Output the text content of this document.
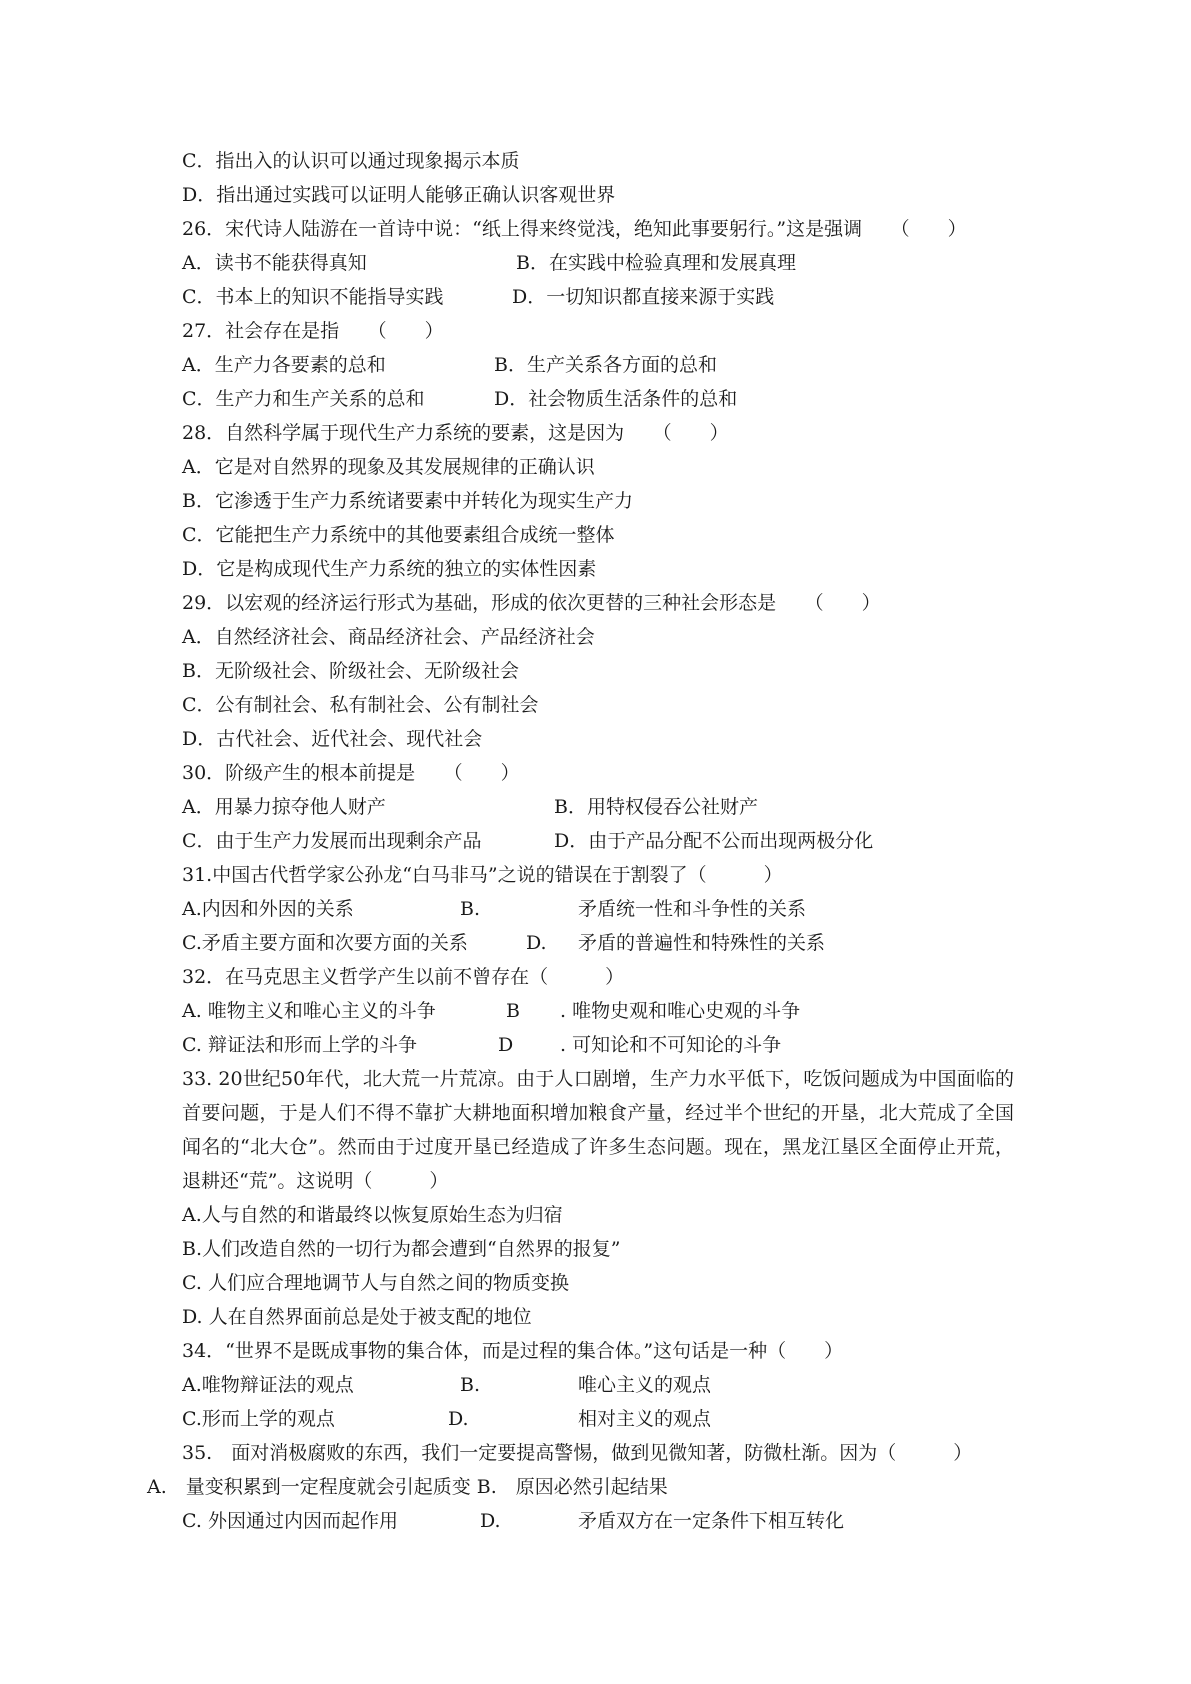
C．指出入的认识可以通过现象揭示本质
D．指出通过实践可以证明人能够正确认识客观世界
26．宋代诗人陆游在一首诗中说：“纸上得来终觉浅，绝知此事要躬行。”这是强调　　（　　）
A．读书不能获得真知	B．在实践中检验真理和发展真理
C．书本上的知识不能指导实践	D．一切知识都直接来源于实践
27．社会存在是指　　（　　）
A．生产力各要素的总和	B．生产关系各方面的总和
C．生产力和生产关系的总和	D．社会物质生活条件的总和
28．自然科学属于现代生产力系统的要素，这是因为　　（　　）
A．它是对自然界的现象及其发展规律的正确认识
B．它渗透于生产力系统诸要素中并转化为现实生产力
C．它能把生产力系统中的其他要素组合成统一整体
D．它是构成现代生产力系统的独立的实体性因素
29．以宏观的经济运行形式为基础，形成的依次更替的三种社会形态是　　（　　）
A．自然经济社会、商品经济社会、产品经济社会
B．无阶级社会、阶级社会、无阶级社会
C．公有制社会、私有制社会、公有制社会
D．古代社会、近代社会、现代社会
30．阶级产生的根本前提是　　（　　）
A．用暴力掠夺他人财产	B．用特权侵吞公社财产
C．由于生产力发展而出现剩余产品	D．由于产品分配不公而出现两极分化
31.中国古代哲学家公孙龙“白马非马”之说的错误在于割裂了（　　　）
A.内因和外因的关系	B.	矛盾统一性和斗争性的关系
C.矛盾主要方面和次要方面的关系	D. 矛盾的普遍性和特殊性的关系
32．在马克思主义哲学产生以前不曾存在（　　　）
A. 唯物主义和唯心主义的斗争	B . 唯物史观和唯心史观的斗争
C. 辩证法和形而上学的斗争	D . 可知论和不可知论的斗争
33. 20世纪50年代，北大荒一片荒凉。由于人口剧增，生产力水平低下，吃饭问题成为中国面临的首要问题，于是人们不得不靠扩大耕地面积增加粮食产量，经过半个世纪的开垦，北大荒成了全国闻名的“北大仓”。然而由于过度开垦已经造成了许多生态问题。现在，黑龙江垦区全面停止开荒，退耕还“荒”。这说明（　　　）
A.人与自然的和谐最终以恢复原始生态为归宿
B.人们改造自然的一切行为都会遭到“自然界的报复”
C. 人们应合理地调节人与自然之间的物质变换
D. 人在自然界面前总是处于被支配的地位
34．“世界不是既成事物的集合体，而是过程的集合体。”这句话是一种（　　）
A.唯物辩证法的观点	B.	唯心主义的观点
C.形而上学的观点	D.	相对主义的观点
35.　面对消极腐败的东西，我们一定要提高警惕，做到见微知著，防微杜渐。因为（　　　）
A.　量变积累到一定程度就会引起质变 B.　原因必然引起结果
C. 外因通过内因而起作用	D.	矛盾双方在一定条件下相互转化
